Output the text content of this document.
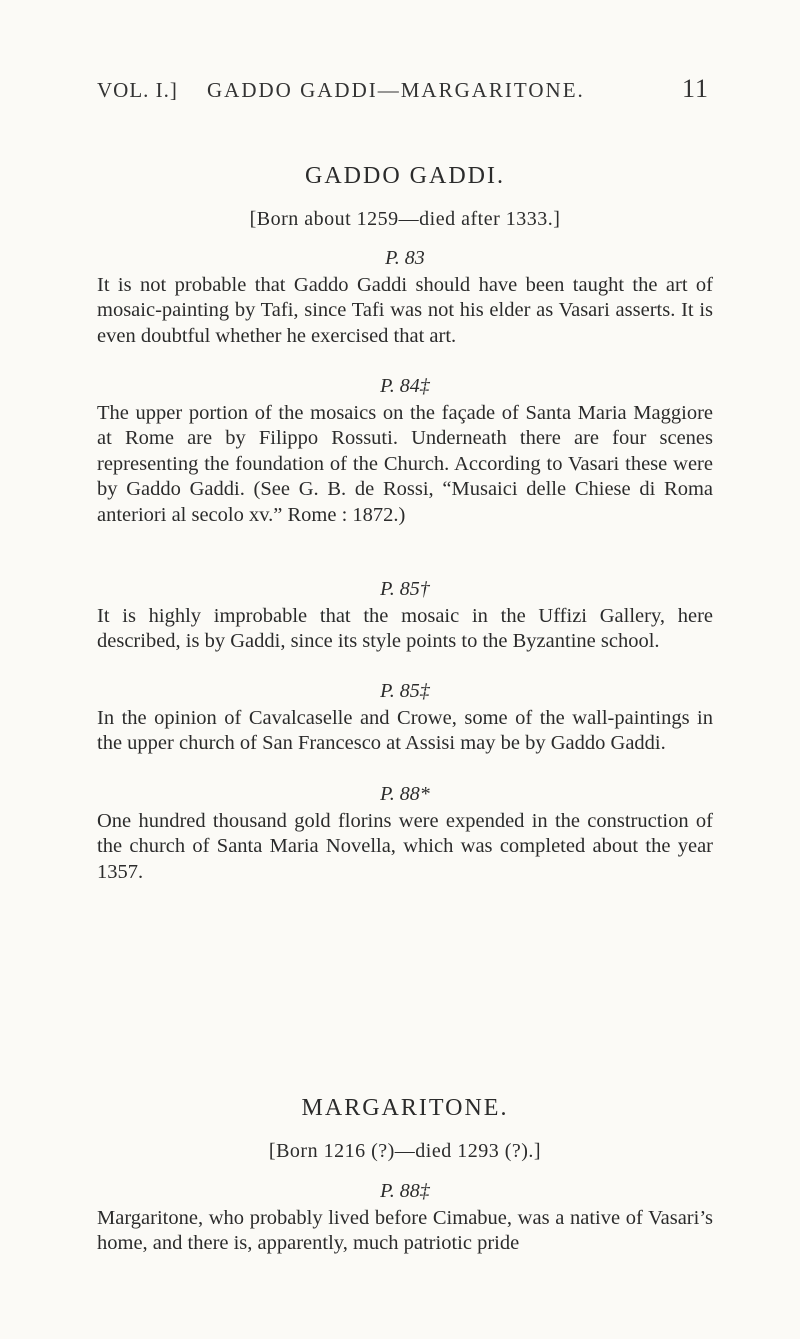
VOL. I.] GADDO GADDI—MARGARITONE.	11
GADDO GADDI.
[Born about 1259—died after 1333.]
P. 83
It is not probable that Gaddo Gaddi should have been taught the art of mosaic-painting by Tafi, since Tafi was not his elder as Vasari asserts. It is even doubtful whether he exercised that art.
P. 84‡
The upper portion of the mosaics on the façade of Santa Maria Maggiore at Rome are by Filippo Rossuti. Underneath there are four scenes representing the foundation of the Church. According to Vasari these were by Gaddo Gaddi. (See G. B. de Rossi, “Musaici delle Chiese di Roma anteriori al secolo xv.” Rome : 1872.)
P. 85†
It is highly improbable that the mosaic in the Uffizi Gallery, here described, is by Gaddi, since its style points to the Byzantine school.
P. 85‡
In the opinion of Cavalcaselle and Crowe, some of the wall-paintings in the upper church of San Francesco at Assisi may be by Gaddo Gaddi.
P. 88*
One hundred thousand gold florins were expended in the construction of the church of Santa Maria Novella, which was completed about the year 1357.
MARGARITONE.
[Born 1216 (?)—died 1293 (?).]
P. 88‡
Margaritone, who probably lived before Cimabue, was a native of Vasari’s home, and there is, apparently, much patriotic pride
